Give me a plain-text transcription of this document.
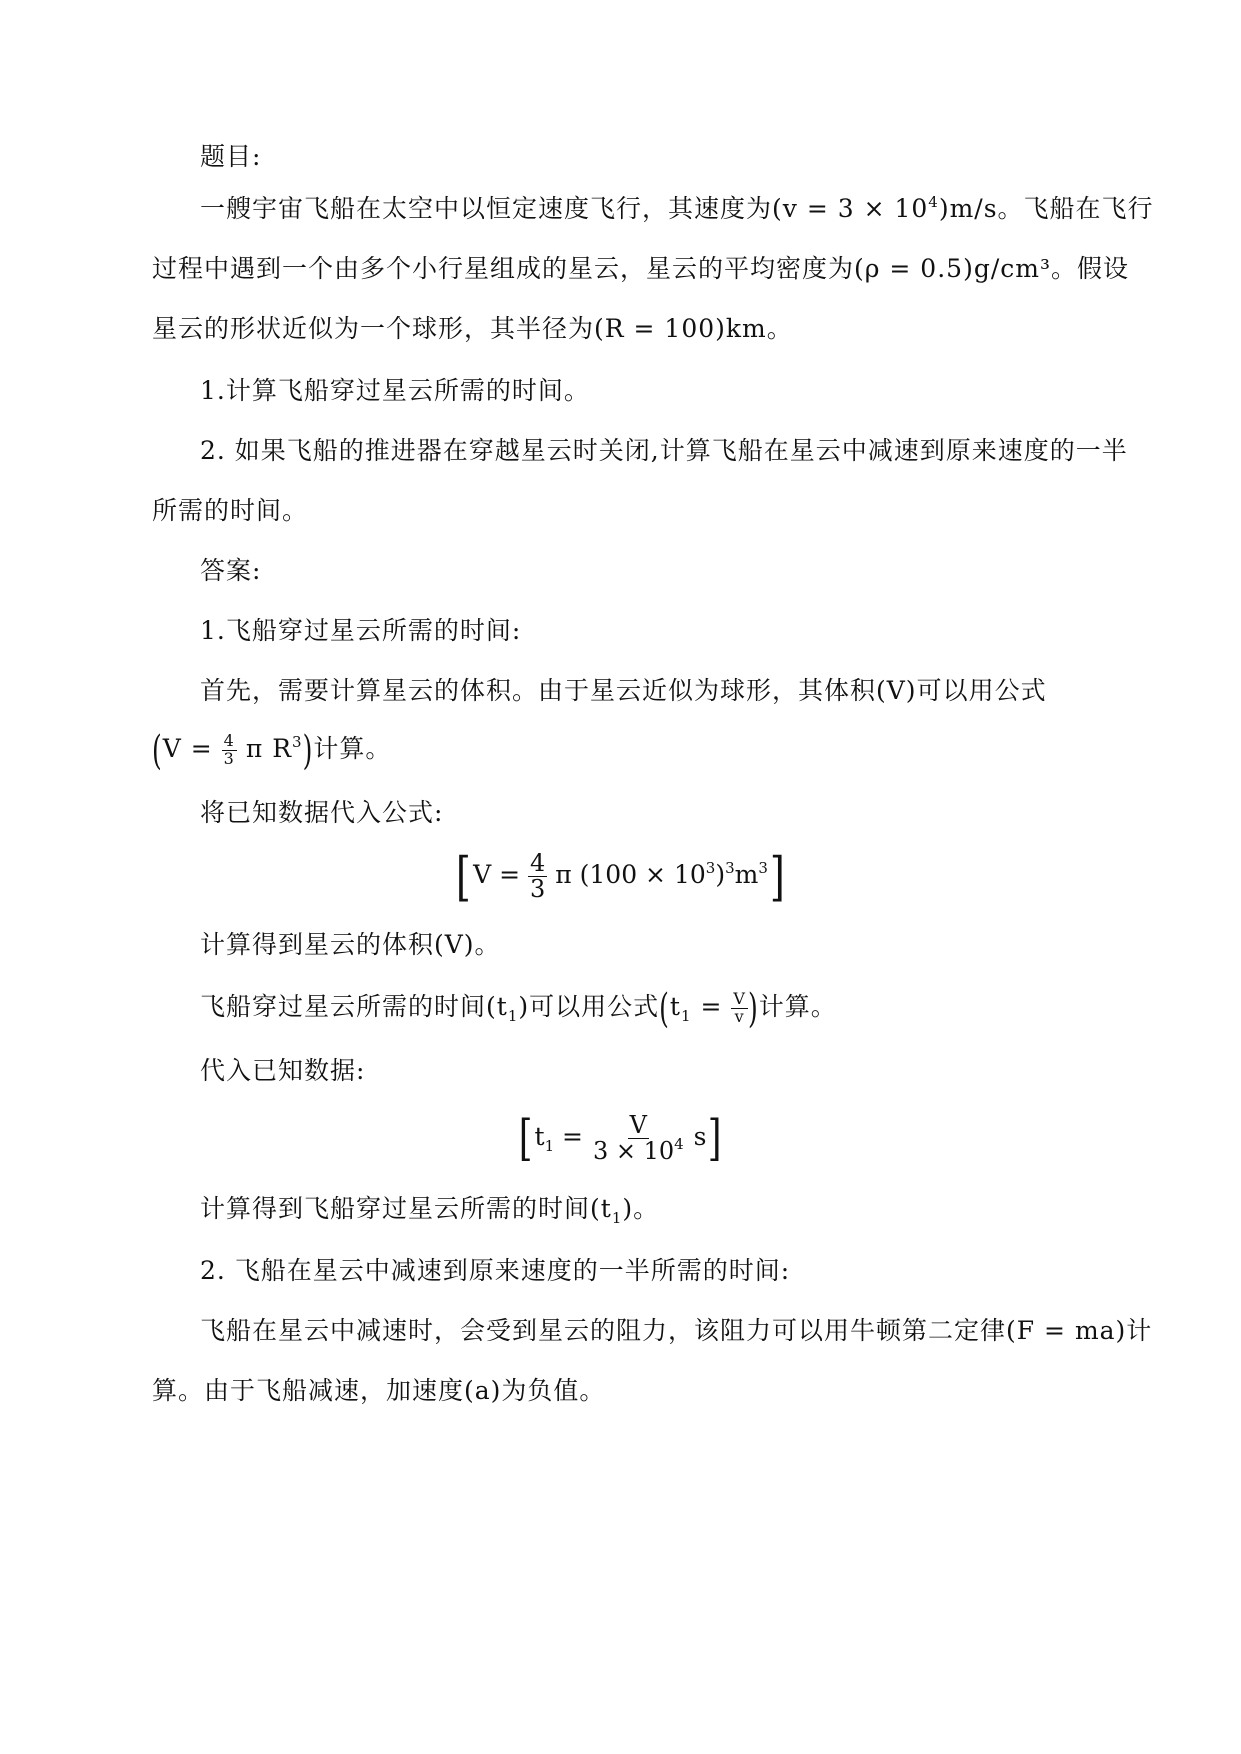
题目:
一艘宇宙飞船在太空中以恒定速度飞行，其速度为$(v = 3 \times 10^4)m/s$。飞船在飞行
过程中遇到一个由多个小行星组成的星云，星云的平均密度为(ρ = 0.5)g/cm³。假设
星云的形状近似为一个球形，其半径为(R = 100)km。
1.计算飞船穿过星云所需的时间。
2. 如果飞船的推进器在穿越星云时关闭,计算飞船在星云中减速到原来速度的一半
所需的时间。
答案:
1.飞船穿过星云所需的时间:
首先，需要计算星云的体积。由于星云近似为球形，其体积(V)可以用公式
($V = \frac{4}{3}$ π $R^3$)计算。
将已知数据代入公式:
[$V = \frac{4}{3}$ π $(100 \times 10^3)^3m^3$]
计算得到星云的体积(V)。
飞船穿过星云所需的时间$(t_1)$可以用公式($t_1 = \frac{V}{v}$ )计算。
代入已知数据:
$[t_1 = \frac{V}{3 \times 10^4} s]$
计算得到飞船穿过星云所需的时间$(t_1)$。
2. 飞船在星云中减速到原来速度的一半所需的时间:
飞船在星云中减速时，会受到星云的阻力，该阻力可以用牛顿第二定律(F = ma)计
算。由于飞船减速，加速度(a)为负值。
